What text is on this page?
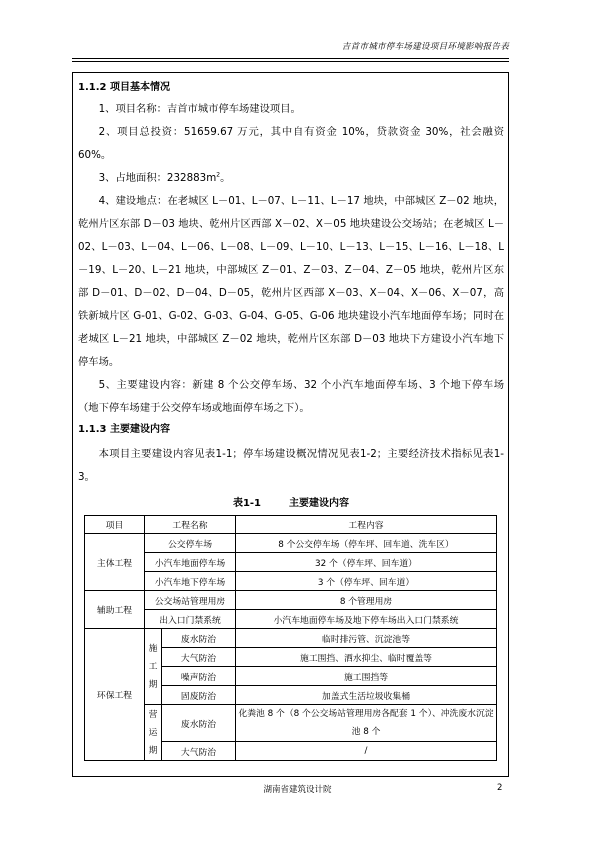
吉首市城市停车场建设项目环境影响报告表
1.1.2 项目基本情况

1、项目名称：吉首市城市停车场建设项目。

2、项目总投资：51659.67 万元，其中自有资金 10%，贷款资金 30%，社会融资 60%。

3、占地面积：$232883m^2$。

4、建设地点：在老城区 L－01、L－07、L－11、L－17 地块，中部城区 Z－02 地块，乾州片区东部 D－03 地块、乾州片区西部 X－02、X－05 地块建设公交场站；在老城区 L－02、L－03、L－04、L－06、L－08、L－09、L－10、L－13、L－15、L－16、L－18、L－19、L－20、L－21 地块，中部城区 Z－01、Z－03、Z－04、Z－05 地块，乾州片区东部 D－01、D－02、D－04、D－05，乾州片区西部 X－03、X－04、X－06、X－07，高铁新城片区 G-01、G-02、G-03、G-04、G-05、G-06 地块建设小汽车地面停车场；同时在老城区 L－21 地块，中部城区 Z－02 地块，乾州片区东部 D－03 地块下方建设小汽车地下停车场。

5、主要建设内容：新建 8 个公交停车场、32 个小汽车地面停车场、3 个地下停车场（地下停车场建于公交停车场或地面停车场之下）。

1.1.3 主要建设内容

本项目主要建设内容见表1-1；停车场建设概况情况见表1-2；主要经济技术指标见表1-3。

表1-1	主要建设内容
项目	工程名称		工程内容
主体工程	公交停车场		8 个公交停车场（停车坪、回车道、洗车区）
	小汽车地面停车场		32 个（停车坪、回车道）
	小汽车地下停车场		3 个（停车坪、回车道）
辅助工程	公交场站管理用房		8 个管理用房
	出入口门禁系统		小汽车地面停车场及地下停车场出入口门禁系统
环保工程	施工期	废水防治	临时排污管、沉淀池等
		大气防治	施工围挡、洒水抑尘、临时覆盖等
		噪声防治	施工围挡等
		固废防治	加盖式生活垃圾收集桶
	营运期	废水防治	化粪池 8 个（8 个公交场站管理用房各配套 1 个）、冲洗废水沉淀池 8 个
		大气防治	/
湖南省建筑设计院	2
